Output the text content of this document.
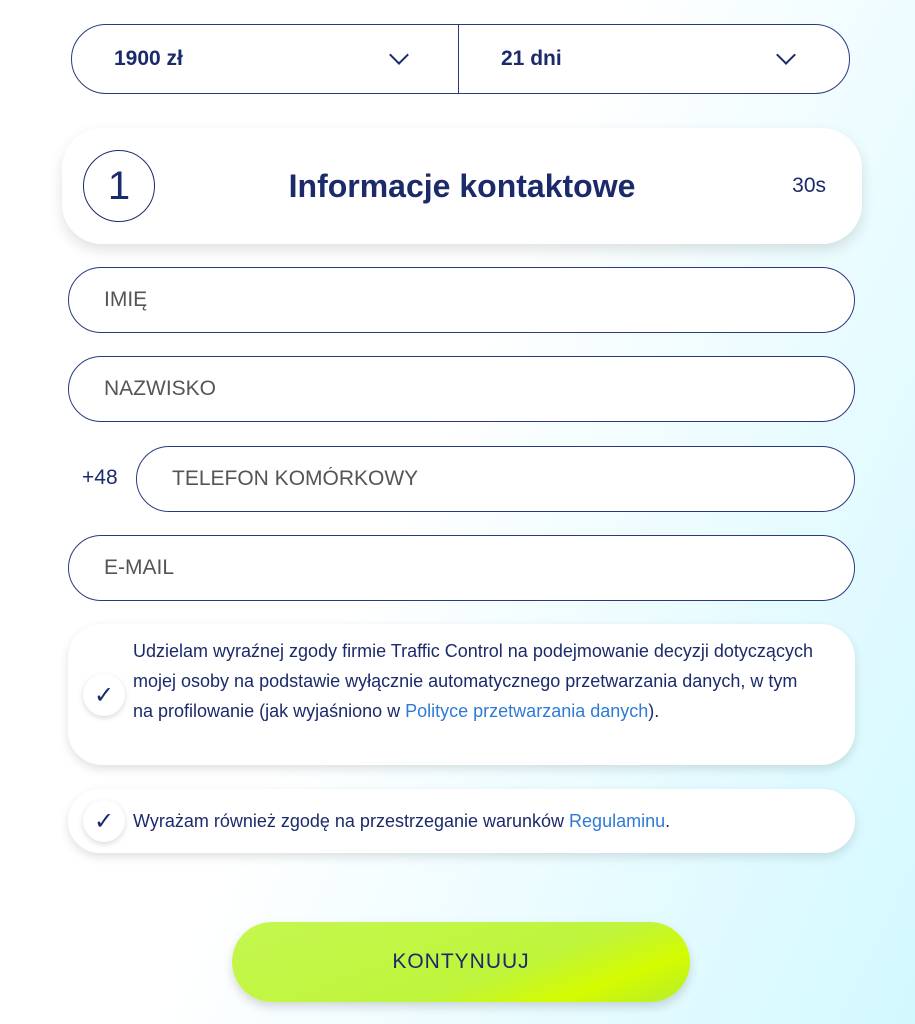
1900 zł	21 dni
1	Informacje kontaktowe	30s
IMIĘ
NAZWISKO
+48
TELEFON KOMÓRKOWY
E-MAIL
✓
Udzielam wyraźnej zgody firmie Traffic Control na podejmowanie decyzji dotyczących mojej osoby na podstawie wyłącznie automatycznego przetwarzania danych, w tym na profilowanie (jak wyjaśniono w Polityce przetwarzania danych).
✓	Wyrażam również zgodę na przestrzeganie warunków Regulaminu.
KONTYNUUJ
